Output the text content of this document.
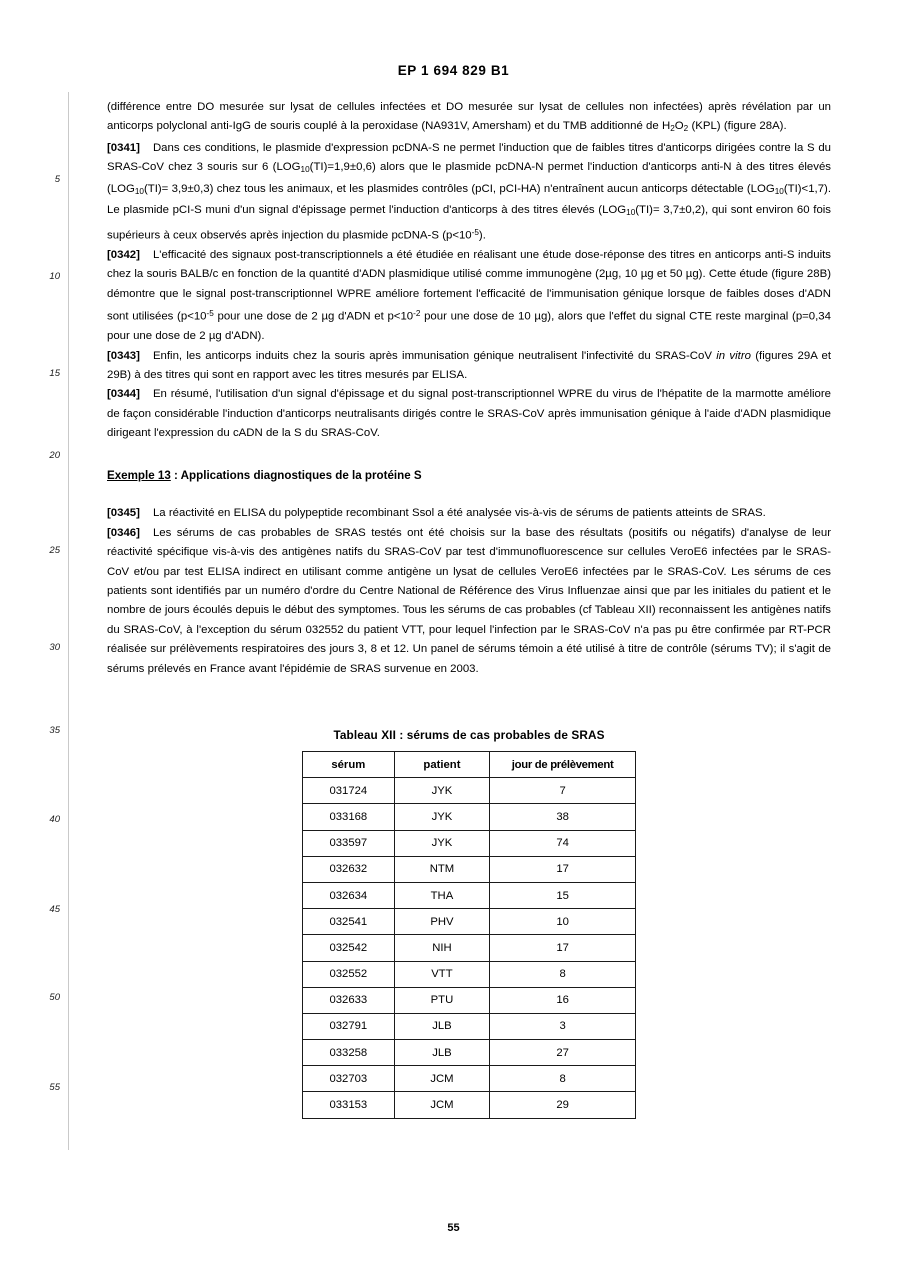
EP 1 694 829 B1
5
10
15
20
25
30
35
40
45
50
55

(différence entre DO mesurée sur lysat de cellules infectées et DO mesurée sur lysat de cellules non infectées) après révélation par un anticorps polyclonal anti-IgG de souris couplé à la peroxidase (NA931V, Amersham) et du TMB additionné de $H_2O_2$ (KPL) (figure 28A).

[0341] Dans ces conditions, le plasmide d'expression pcDNA-S ne permet l'induction que de faibles titres d'anticorps dirigées contre la S du SRAS-CoV chez 3 souris sur 6 $(LOG_{10}(TI)=1,9\pm 0,6)$ alors que le plasmide pcDNA-N permet l'induction d'anticorps anti-N à des titres élevés $(LOG_{10}(TI)= 3,9\pm 0,3)$ chez tous les animaux, et les plasmides contrôles (pCI, pCI-HA) n'entraînent aucun anticorps détectable $(LOG_{10}(TI)<1,7)$. Le plasmide pCI-S muni d'un signal d'épissage permet l'induction d'anticorps à des titres élevés $(LOG_{10}(TI)= 3,7\pm 0,2)$, qui sont environ 60 fois supérieurs à ceux observés après injection du plasmide pcDNA-S $(p<10^{-5})$.

[0342] L'efficacité des signaux post-transcriptionnels a été étudiée en réalisant une étude dose-réponse des titres en anticorps anti-S induits chez la souris BALB/c en fonction de la quantité d'ADN plasmidique utilisé comme immunogène (2µg, 10 µg et 50 µg). Cette étude (figure 28B) démontre que le signal post-transcriptionnel WPRE améliore fortement l'efficacité de l'immunisation génique lorsque de faibles doses d'ADN sont utilisées ($p<10^{-5}$ pour une dose de 2 µg d'ADN et $p<10^{-2}$ pour une dose de 10 µg), alors que l'effet du signal CTE reste marginal (p=0,34 pour une dose de 2 µg d'ADN).

[0343] Enfin, les anticorps induits chez la souris après immunisation génique neutralisent l'infectivité du SRAS-CoV in vitro (figures 29A et 29B) à des titres qui sont en rapport avec les titres mesurés par ELISA.

[0344] En résumé, l'utilisation d'un signal d'épissage et du signal post-transcriptionnel WPRE du virus de l'hépatite de la marmotte améliore de façon considérable l'induction d'anticorps neutralisants dirigés contre le SRAS-CoV après immunisation génique à l'aide d'ADN plasmidique dirigeant l'expression du cADN de la S du SRAS-CoV.

Exemple 13 : Applications diagnostiques de la protéine S

[0345] La réactivité en ELISA du polypeptide recombinant Ssol a été analysée vis-à-vis de sérums de patients atteints de SRAS.

[0346] Les sérums de cas probables de SRAS testés ont été choisis sur la base des résultats (positifs ou négatifs) d'analyse de leur réactivité spécifique vis-à-vis des antigènes natifs du SRAS-CoV par test d'immunofluorescence sur cellules VeroE6 infectées par le SRAS-CoV et/ou par test ELISA indirect en utilisant comme antigène un lysat de cellules VeroE6 infectées par le SRAS-CoV. Les sérums de ces patients sont identifiés par un numéro d'ordre du Centre National de Référence des Virus Influenzae ainsi que par les initiales du patient et le nombre de jours écoulés depuis le début des symptomes. Tous les sérums de cas probables (cf Tableau XII) reconnaissent les antigènes natifs du SRAS-CoV, à l'exception du sérum 032552 du patient VTT, pour lequel l'infection par le SRAS-CoV n'a pas pu être confirmée par RT-PCR réalisée sur prélèvements respiratoires des jours 3, 8 et 12. Un panel de sérums témoin a été utilisé à titre de contrôle (sérums TV); il s'agit de sérums prélevés en France avant l'épidémie de SRAS survenue en 2003.

Tableau XII : sérums de cas probables de SRAS
sérum	patient	jour de prélèvement
031724	JYK	7
033168	JYK	38
033597	JYK	74
032632	NTM	17
032634	THA	15
032541	PHV	10
032542	NIH	17
032552	VTT	8
032633	PTU	16
032791	JLB	3
033258	JLB	27
032703	JCM	8
033153	JCM	29
55
